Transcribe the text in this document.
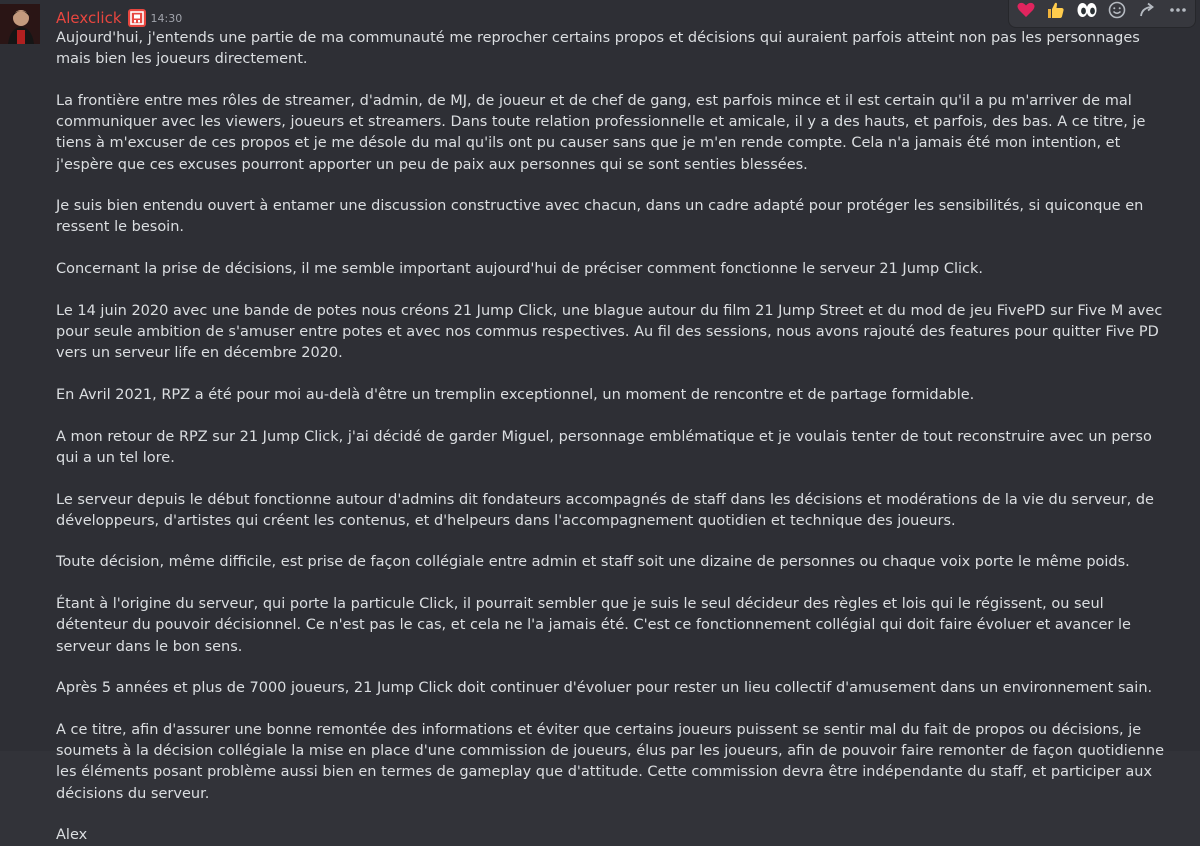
Alexclick	14:30

Aujourd'hui, j'entends une partie de ma communauté me reprocher certains propos et décisions qui auraient parfois atteint non pas les personnages mais bien les joueurs directement.

La frontière entre mes rôles de streamer, d'admin, de MJ, de joueur et de chef de gang, est parfois mince et il est certain qu'il a pu m'arriver de mal communiquer avec les viewers, joueurs et streamers. Dans toute relation professionnelle et amicale, il y a des hauts, et parfois, des bas. A ce titre, je tiens à m'excuser de ces propos et je me désole du mal qu'ils ont pu causer sans que je m'en rende compte. Cela n'a jamais été mon intention, et j'espère que ces excuses pourront apporter un peu de paix aux personnes qui se sont senties blessées.

Je suis bien entendu ouvert à entamer une discussion constructive avec chacun, dans un cadre adapté pour protéger les sensibilités, si quiconque en ressent le besoin.

Concernant la prise de décisions, il me semble important aujourd'hui de préciser comment fonctionne le serveur 21 Jump Click.

Le 14 juin 2020 avec une bande de potes nous créons 21 Jump Click, une blague autour du film 21 Jump Street et du mod de jeu FivePD sur Five M avec pour seule ambition de s'amuser entre potes et avec nos commus respectives. Au fil des sessions, nous avons rajouté des features pour quitter Five PD vers un serveur life en décembre 2020.

En Avril 2021, RPZ a été pour moi au-delà d'être un tremplin exceptionnel, un moment de rencontre et de partage formidable.

A mon retour de RPZ sur 21 Jump Click, j'ai décidé de garder Miguel, personnage emblématique et je voulais tenter de tout reconstruire avec un perso qui a un tel lore.

Le serveur depuis le début fonctionne autour d'admins dit fondateurs accompagnés de staff dans les décisions et modérations de la vie du serveur, de développeurs, d'artistes qui créent les contenus, et d'helpeurs dans l'accompagnement quotidien et technique des joueurs.

Toute décision, même difficile, est prise de façon collégiale entre admin et staff soit une dizaine de personnes ou chaque voix porte le même poids.

Étant à l'origine du serveur, qui porte la particule Click, il pourrait sembler que je suis le seul décideur des règles et lois qui le régissent, ou seul détenteur du pouvoir décisionnel. Ce n'est pas le cas, et cela ne l'a jamais été. C'est ce fonctionnement collégial qui doit faire évoluer et avancer le serveur dans le bon sens.

Après 5 années et plus de 7000 joueurs, 21 Jump Click doit continuer d'évoluer pour rester un lieu collectif d'amusement dans un environnement sain.

A ce titre, afin d'assurer une bonne remontée des informations et éviter que certains joueurs puissent se sentir mal du fait de propos ou décisions, je soumets à la décision collégiale la mise en place d'une commission de joueurs, élus par les joueurs, afin de pouvoir faire remonter de façon quotidienne les éléments posant problème aussi bien en termes de gameplay que d'attitude. Cette commission devra être indépendante du staff, et participer aux décisions du serveur.

Alex
